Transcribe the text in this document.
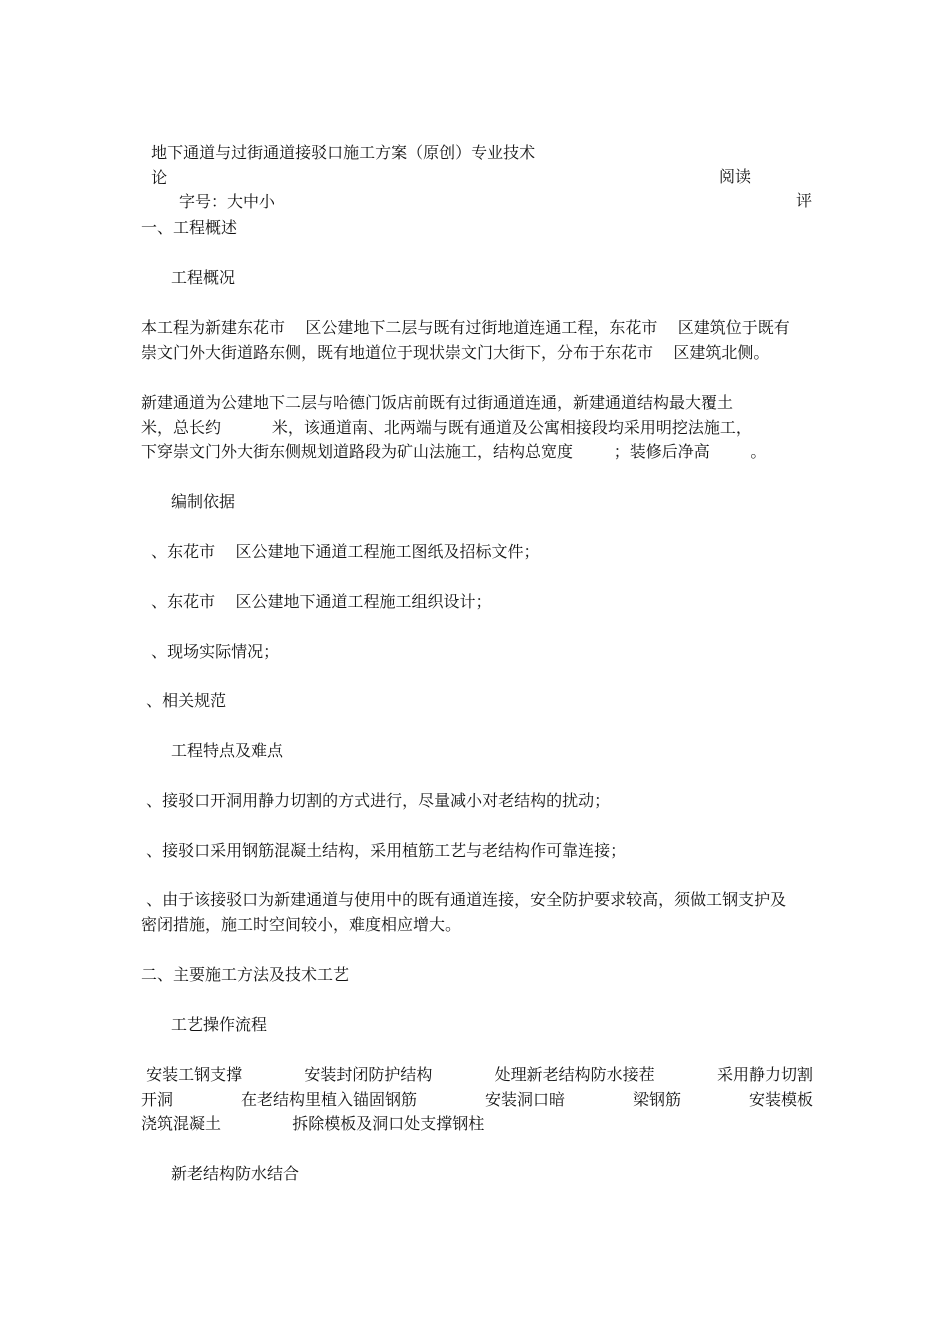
地下通道与过街通道接驳口施工方案（原创）专业技术

阅读

评

论

字号：大中小

一、工程概述

工程概况

本工程为新建东花市    区公建地下二层与既有过街地道连通工程，东花市    区建筑位于既有

崇文门外大街道路东侧，既有地道位于现状崇文门大街下，分布于东花市    区建筑北侧。

新建通道为公建地下二层与哈德门饭店前既有过街通道连通，新建通道结构最大覆土

米，总长约          米，该通道南、北两端与既有通道及公寓相接段均采用明挖法施工，

下穿崇文门外大街东侧规划道路段为矿山法施工，结构总宽度        ；装修后净高        。

编制依据

、东花市    区公建地下通道工程施工图纸及招标文件；

、东花市    区公建地下通道工程施工组织设计；

、现场实际情况；

、相关规范

工程特点及难点

、接驳口开洞用静力切割的方式进行，尽量减小对老结构的扰动；

、接驳口采用钢筋混凝土结构，采用植筋工艺与老结构作可靠连接；

、由于该接驳口为新建通道与使用中的既有通道连接，安全防护要求较高，须做工钢支护及

密闭措施，施工时空间较小，难度相应增大。

二、主要施工方法及技术工艺

工艺操作流程

安装工钢支撑	安装封闭防护结构	处理新老结构防水接茬	采用静力切割
开洞	在老结构里植入锚固钢筋	安装洞口暗	梁钢筋	安装模板

浇筑混凝土              拆除模板及洞口处支撑钢柱

新老结构防水结合
